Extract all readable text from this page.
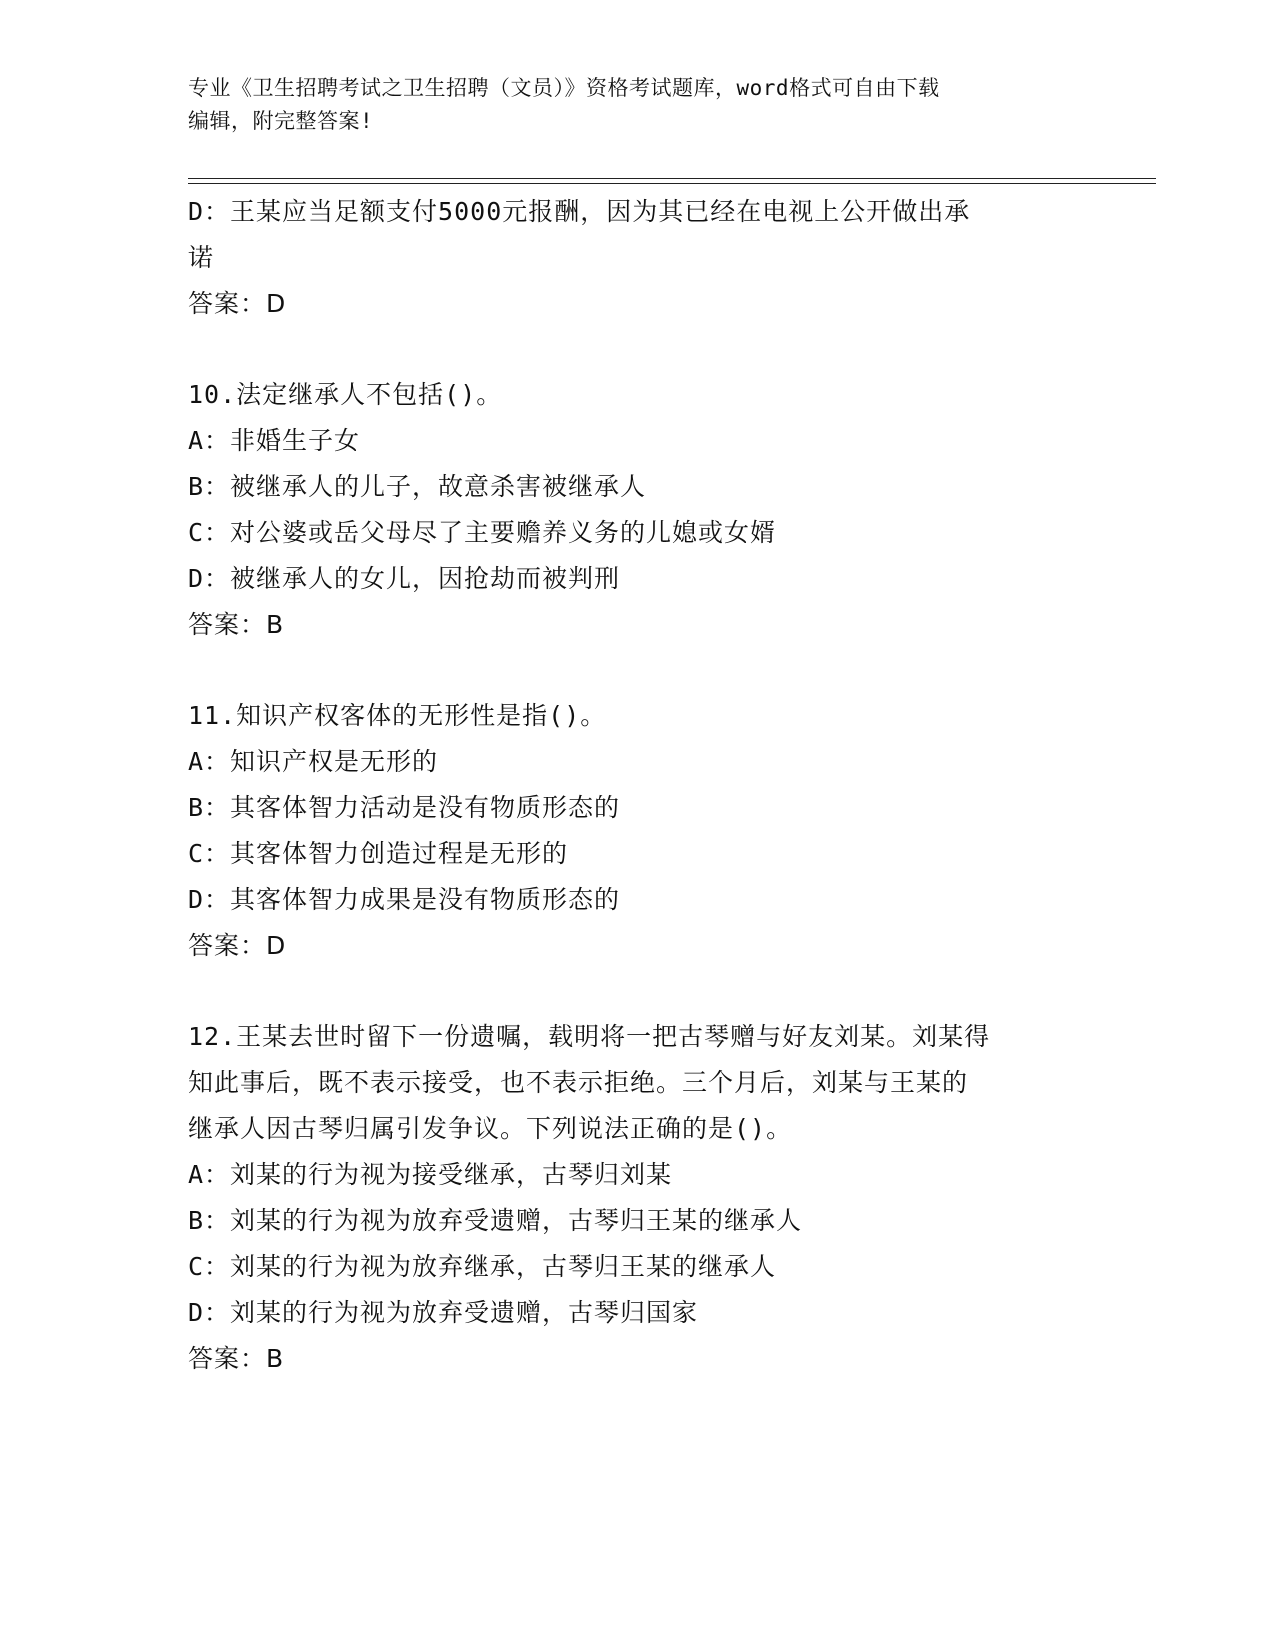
专业《卫生招聘考试之卫生招聘（文员）》资格考试题库，word格式可自由下载
编辑，附完整答案!
D：王某应当足额支付5000元报酬，因为其已经在电视上公开做出承
诺
答案：D
10.法定继承人不包括()。
A：非婚生子女
B：被继承人的儿子，故意杀害被继承人
C：对公婆或岳父母尽了主要赡养义务的儿媳或女婿
D：被继承人的女儿，因抢劫而被判刑
答案：B
11.知识产权客体的无形性是指()。
A：知识产权是无形的
B：其客体智力活动是没有物质形态的
C：其客体智力创造过程是无形的
D：其客体智力成果是没有物质形态的
答案：D
12.王某去世时留下一份遗嘱，载明将一把古琴赠与好友刘某。刘某得
知此事后，既不表示接受，也不表示拒绝。三个月后，刘某与王某的
继承人因古琴归属引发争议。下列说法正确的是()。
A：刘某的行为视为接受继承，古琴归刘某
B：刘某的行为视为放弃受遗赠，古琴归王某的继承人
C：刘某的行为视为放弃继承，古琴归王某的继承人
D：刘某的行为视为放弃受遗赠，古琴归国家
答案：B
